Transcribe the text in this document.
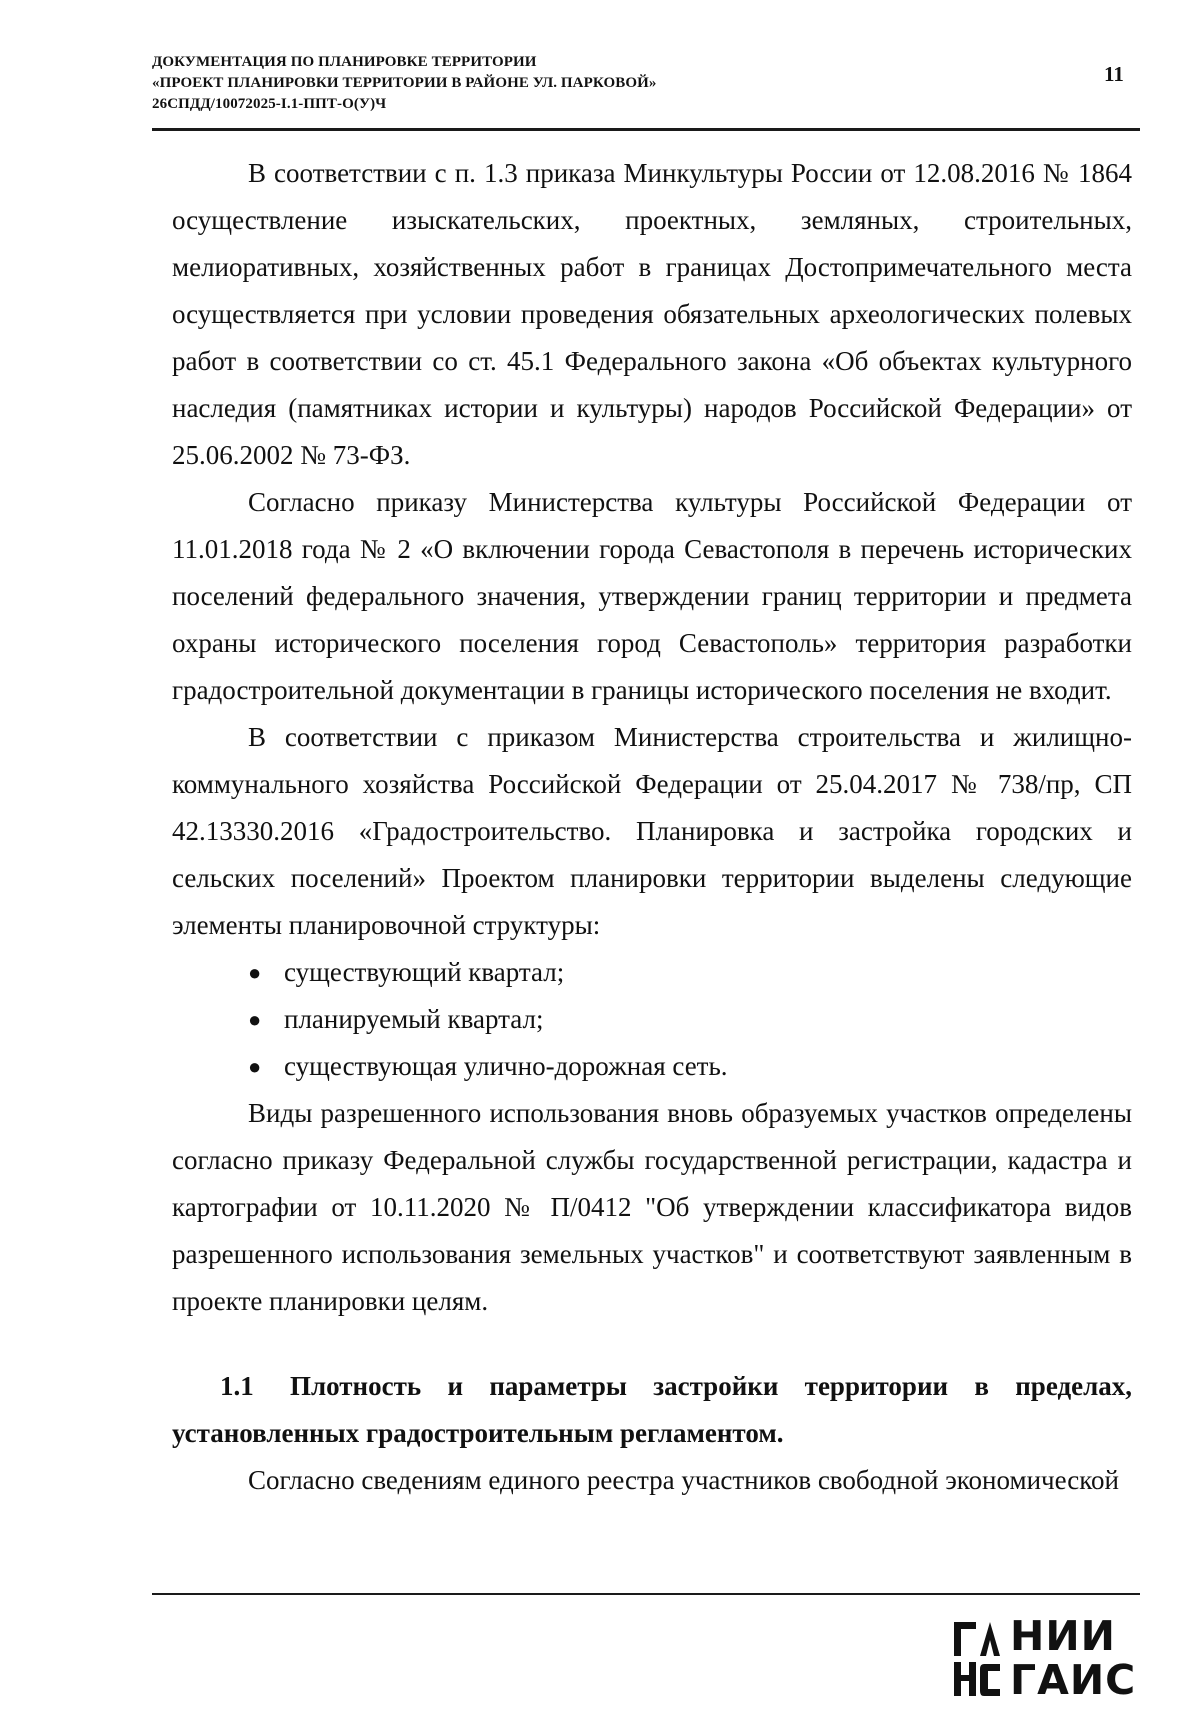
ДОКУМЕНТАЦИЯ ПО ПЛАНИРОВКЕ ТЕРРИТОРИИ
«ПРОЕКТ ПЛАНИРОВКИ ТЕРРИТОРИИ В РАЙОНЕ УЛ. ПАРКОВОЙ»
26СПДД/10072025-I.1-ППТ-О(У)Ч
11

В соответствии с п. 1.3 приказа Минкультуры России от 12.08.2016 № 1864 осуществление изыскательских, проектных, земляных, строительных, мелиоративных, хозяйственных работ в границах Достопримечательного места осуществляется при условии проведения обязательных археологических полевых работ в соответствии со ст. 45.1 Федерального закона «Об объектах культурного наследия (памятниках истории и культуры) народов Российской Федерации» от 25.06.2002 № 73-ФЗ.

Согласно приказу Министерства культуры Российской Федерации от 11.01.2018 года № 2 «О включении города Севастополя в перечень исторических поселений федерального значения, утверждении границ территории и предмета охраны исторического поселения город Севастополь» территория разработки градостроительной документации в границы исторического поселения не входит.

В соответствии с приказом Министерства строительства и жилищно-коммунального хозяйства Российской Федерации от 25.04.2017 № 738/пр, СП 42.13330.2016 «Градостроительство. Планировка и застройка городских и сельских поселений» Проектом планировки территории выделены следующие элементы планировочной структуры:

● существующий квартал;
● планируемый квартал;
● существующая улично-дорожная сеть.

Виды разрешенного использования вновь образуемых участков определены согласно приказу Федеральной службы государственной регистрации, кадастра и картографии от 10.11.2020 № П/0412 "Об утверждении классификатора видов разрешенного использования земельных участков" и соответствуют заявленным в проекте планировки целям.

1.1 Плотность и параметры застройки территории в пределах, установленных градостроительным регламентом.

Согласно сведениям единого реестра участников свободной экономической

НИИ
ГАИС
